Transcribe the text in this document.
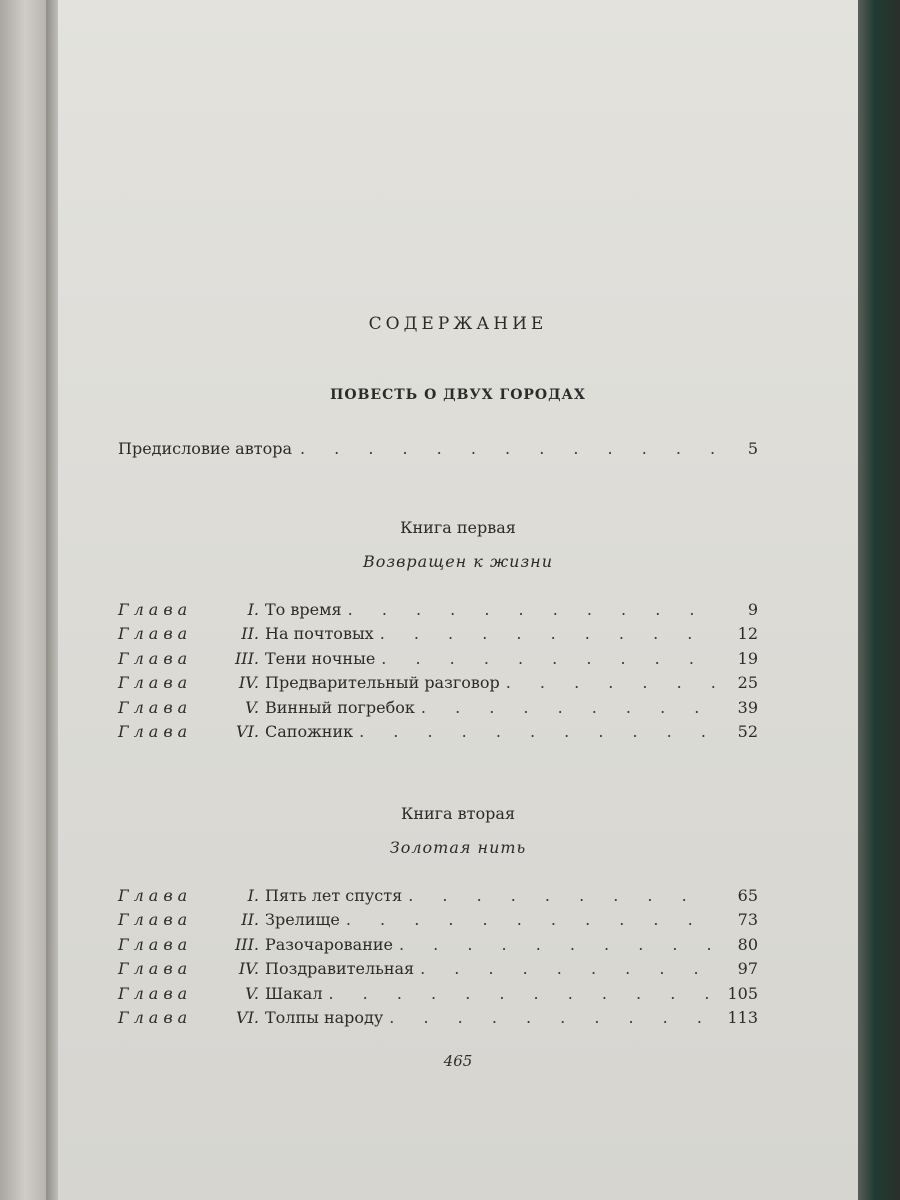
СОДЕРЖАНИЕ
ПОВЕСТЬ О ДВУХ ГОРОДАХ
Предисловие автора . . .	5
Книга первая
Возвращен к жизни
Глава	I. То время . . .	9
Глава	II. На почтовых . . .	12
Глава	III. Тени ночные . . .	19
Глава	IV. Предварительный разговор . . .	25
Глава	V. Винный погребок . . .	39
Глава	VI. Сапожник . . .	52
Книга вторая
Золотая нить
Глава	I. Пять лет спустя . . .	65
Глава	II. Зрелище . . .	73
Глава	III. Разочарование . . .	80
Глава	IV. Поздравительная . . .	97
Глава	V. Шакал . . .	105
Глава	VI. Толпы народу . . .	113
465
